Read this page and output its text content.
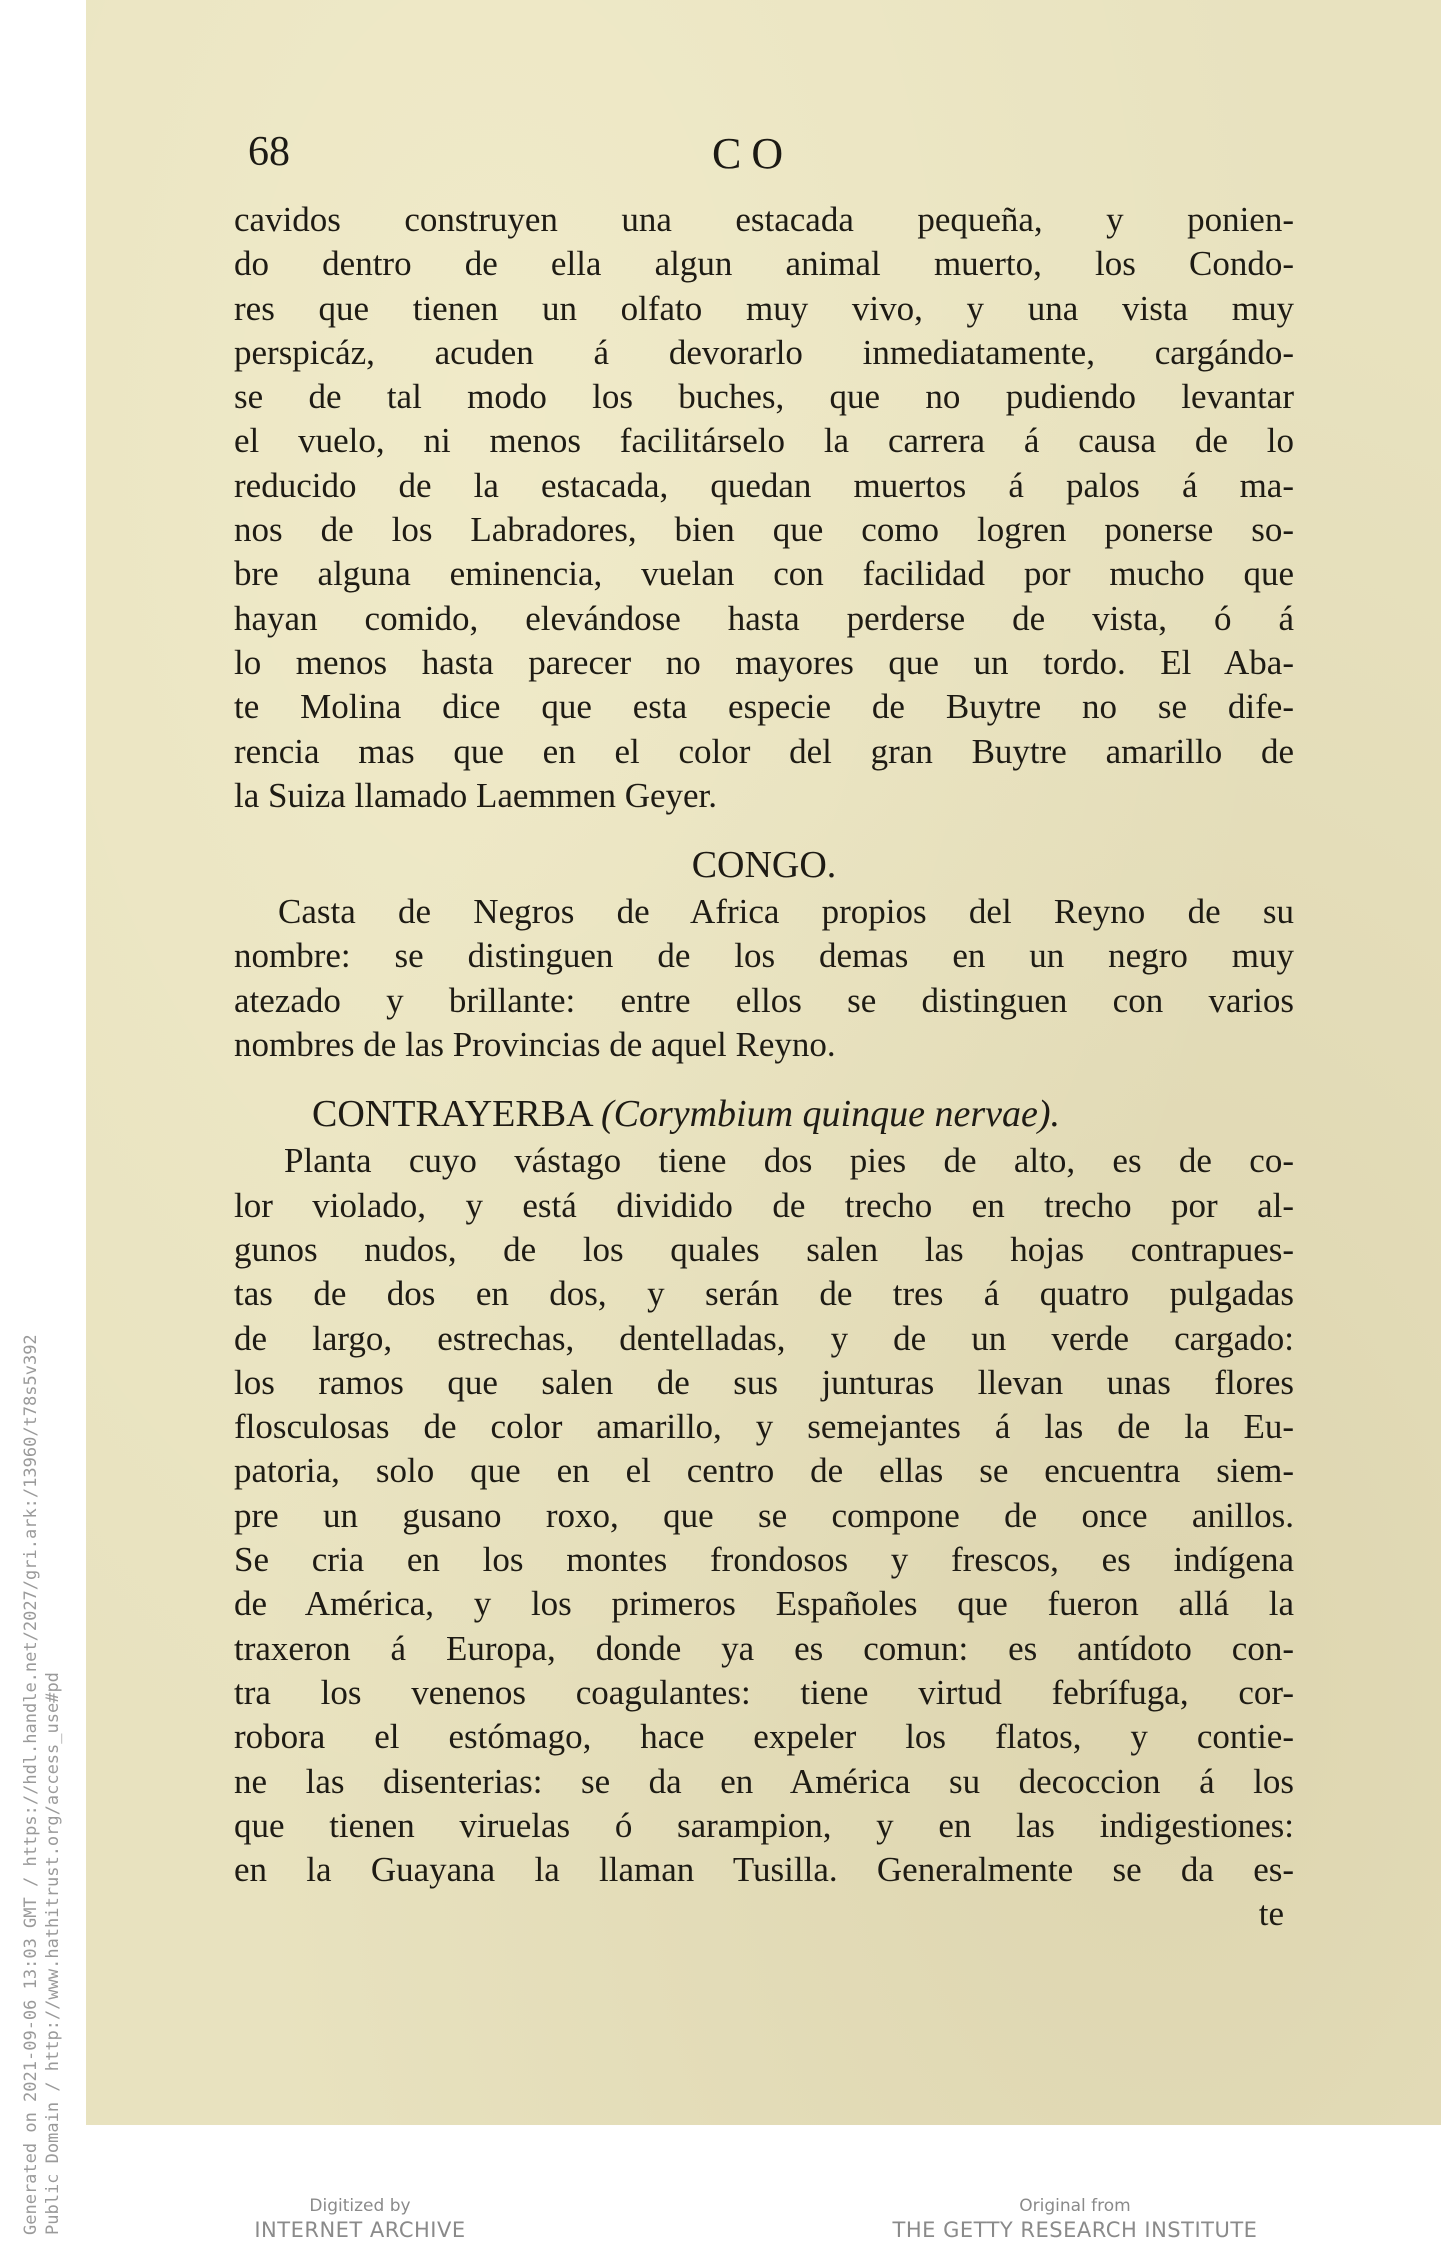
Generated on 2021-09-06 13:03 GMT / https://hdl.handle.net/2027/gri.ark:/13960/t78s5v392 Public Domain / http://www.hathitrust.org/access_use#pd
68	CO

cavidos construyen una estacada pequeña, y ponien-
do dentro de ella algun animal muerto, los Condo-
res que tienen un olfato muy vivo, y una vista muy
perspicáz, acuden á devorarlo inmediatamente, cargándo-
se de tal modo los buches, que no pudiendo levantar
el vuelo, ni menos facilitárselo la carrera á causa de lo
reducido de la estacada, quedan muertos á palos á ma-
nos de los Labradores, bien que como logren ponerse so-
bre alguna eminencia, vuelan con facilidad por mucho que
hayan comido, elevándose hasta perderse de vista, ó á
lo menos hasta parecer no mayores que un tordo. El Aba-
te Molina dice que esta especie de Buytre no se dife-
rencia mas que en el color del gran Buytre amarillo de
la Suiza llamado Laemmen Geyer.

CONGO.

Casta de Negros de Africa propios del Reyno de su
nombre: se distinguen de los demas en un negro muy
atezado y brillante: entre ellos se distinguen con varios
nombres de las Provincias de aquel Reyno.

CONTRAYERBA (Corymbium quinque nervae).

Planta cuyo vástago tiene dos pies de alto, es de co-
lor violado, y está dividido de trecho en trecho por al-
gunos nudos, de los quales salen las hojas contrapues-
tas de dos en dos, y serán de tres á quatro pulgadas
de largo, estrechas, dentelladas, y de un verde cargado:
los ramos que salen de sus junturas llevan unas flores
flosculosas de color amarillo, y semejantes á las de la Eu-
patoria, solo que en el centro de ellas se encuentra siem-
pre un gusano roxo, que se compone de once anillos.
Se cria en los montes frondosos y frescos, es indígena
de América, y los primeros Españoles que fueron allá la
traxeron á Europa, donde ya es comun: es antídoto con-
tra los venenos coagulantes: tiene virtud febrífuga, cor-
robora el estómago, hace expeler los flatos, y contie-
ne las disenterias: se da en América su decoccion á los
que tienen viruelas ó sarampion, y en las indigestiones:
en la Guayana la llaman Tusilla. Generalmente se da es-

te
Digitized by
INTERNET ARCHIVE
Original from
THE GETTY RESEARCH INSTITUTE
